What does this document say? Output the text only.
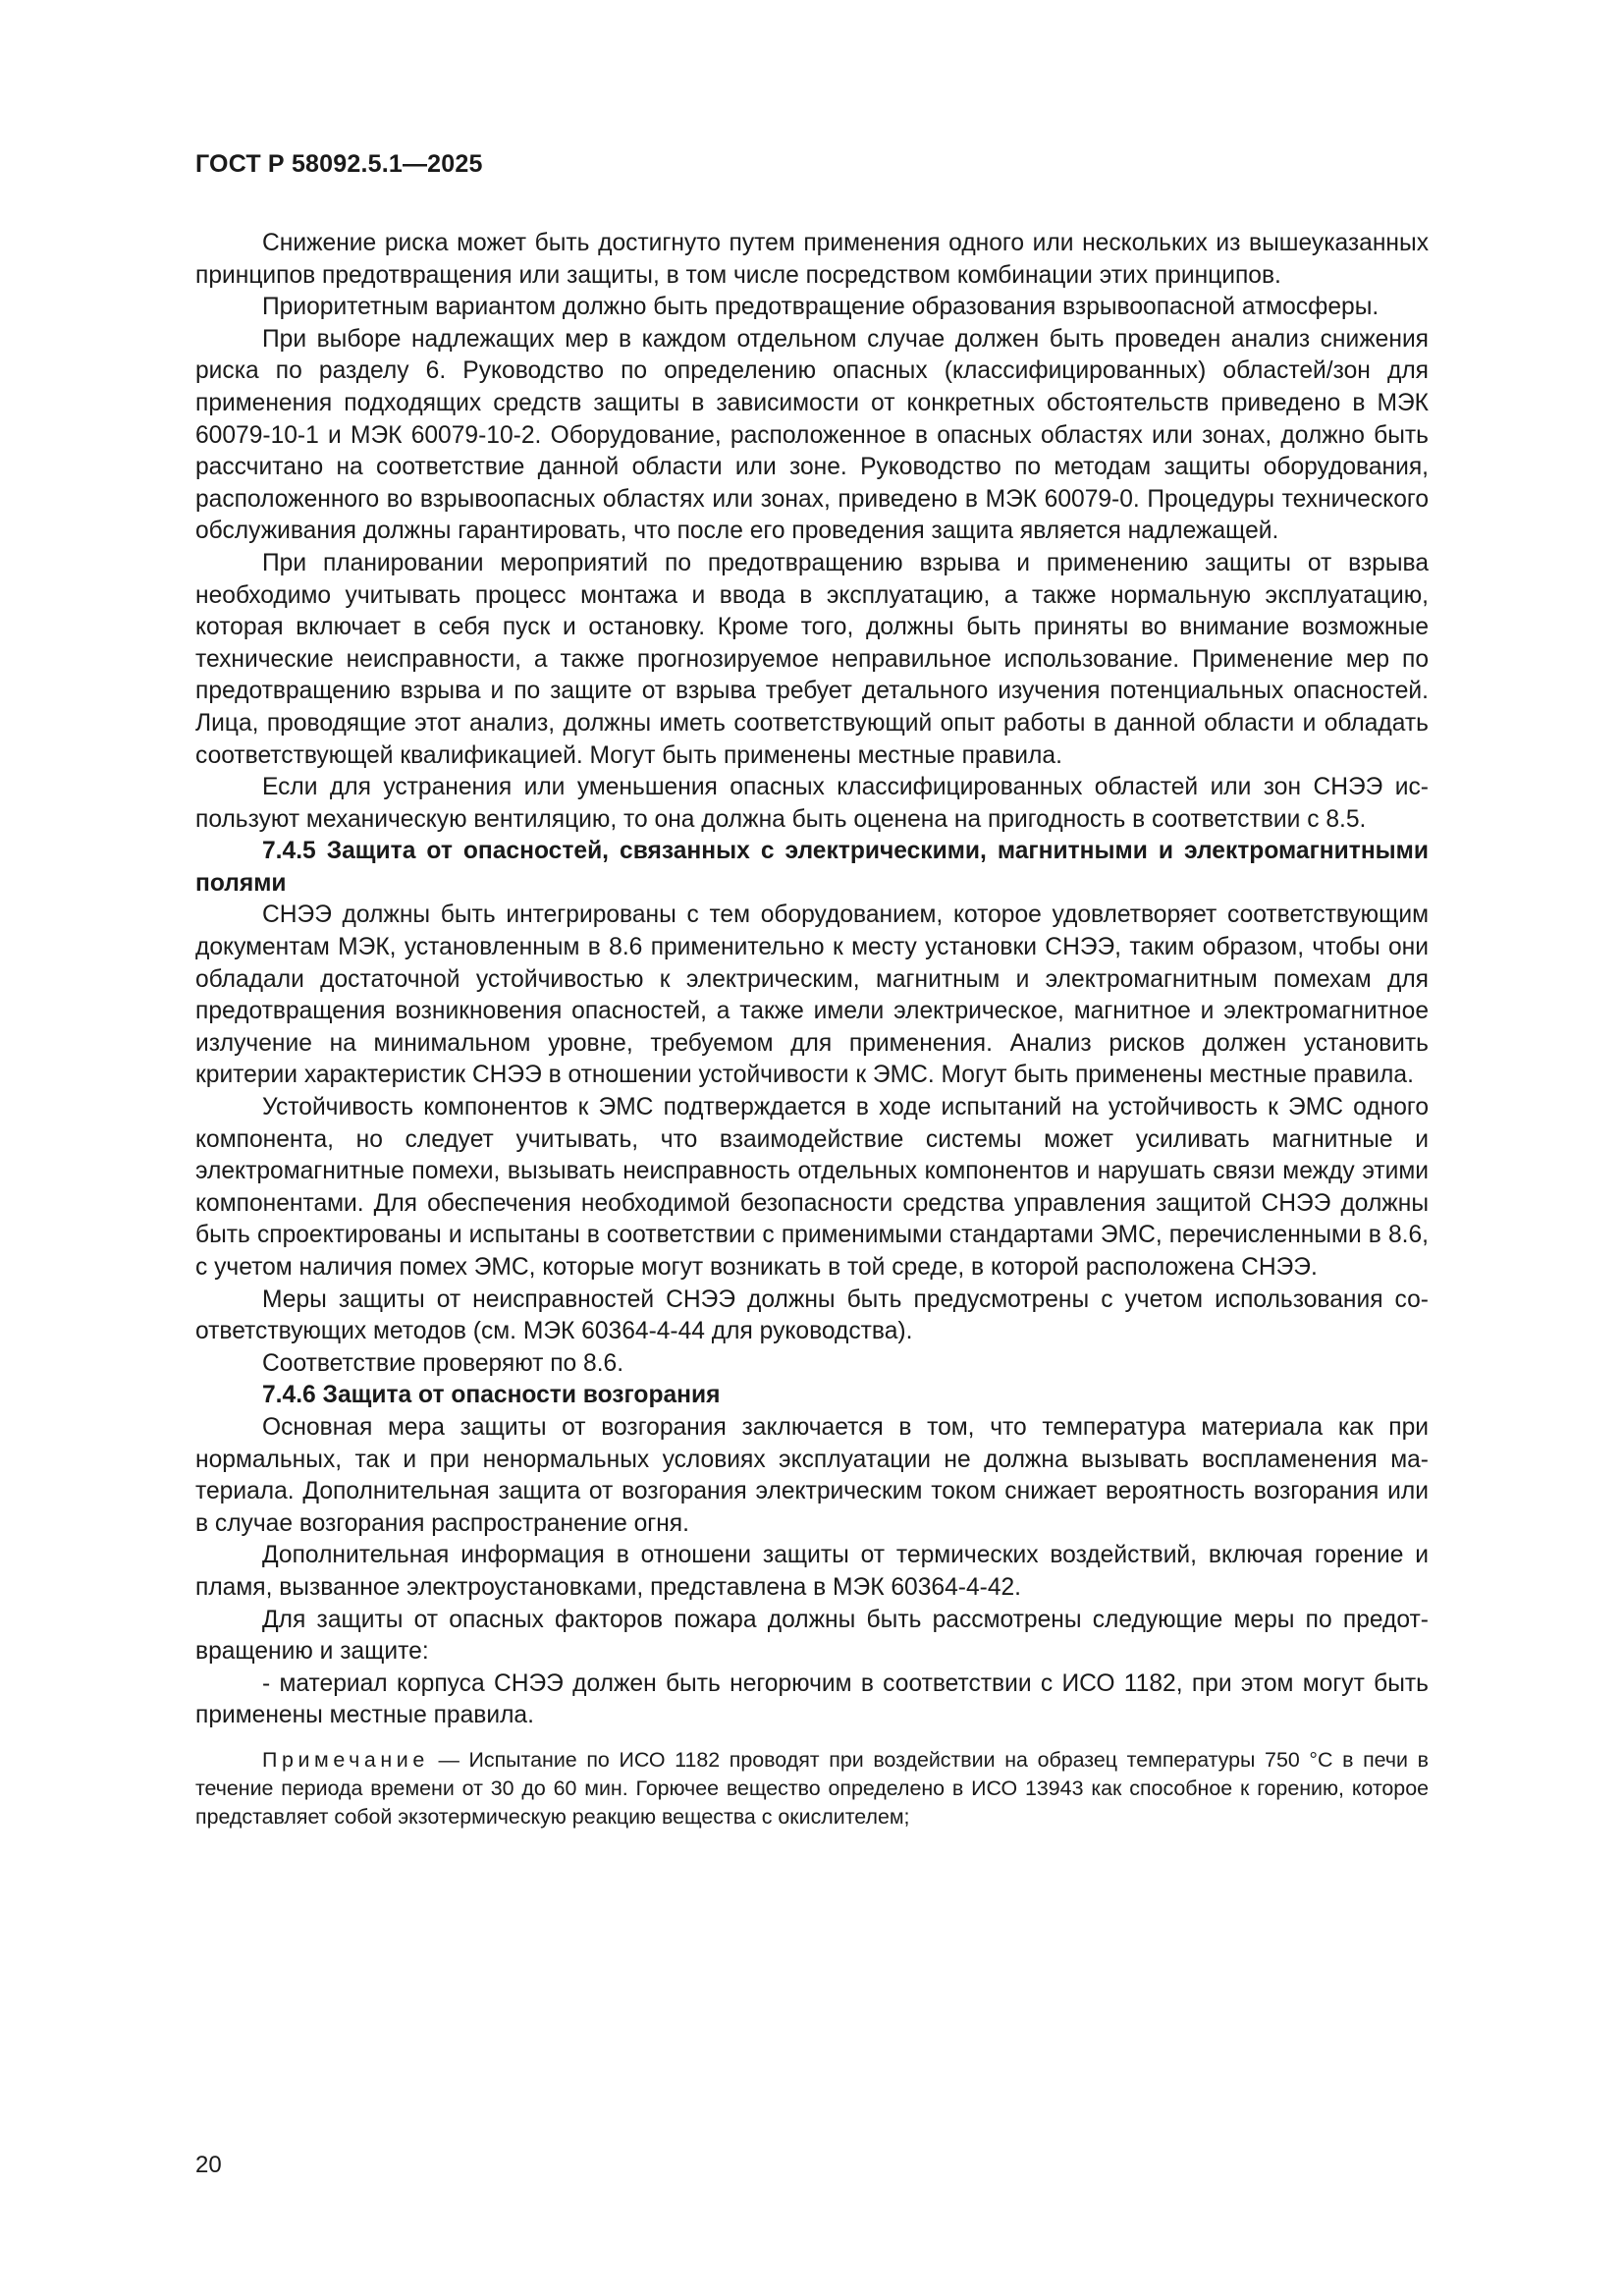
ГОСТ Р 58092.5.1—2025

Снижение риска может быть достигнуто путем применения одного или нескольких из вышеуказанных принципов предотвращения или защиты, в том числе посредством комбинации этих принципов.

Приоритетным вариантом должно быть предотвращение образования взрывоопасной атмосферы.

При выборе надлежащих мер в каждом отдельном случае должен быть проведен анализ снижения риска по разделу 6. Руководство по определению опасных (классифицированных) областей/зон для применения подходящих средств защиты в зависимости от конкретных обстоятельств приведено в МЭК 60079-10-1 и МЭК 60079-10-2. Оборудование, расположенное в опасных областях или зонах, должно быть рассчитано на соответствие данной области или зоне. Руководство по методам защиты оборудования, расположенного во взрывоопасных областях или зонах, приведено в МЭК 60079-0. Процедуры технического обслуживания должны гарантировать, что после его проведения защита является надлежащей.

При планировании мероприятий по предотвращению взрыва и применению защиты от взрыва необходимо учитывать процесс монтажа и ввода в эксплуатацию, а также нормальную эксплуатацию, которая включает в себя пуск и остановку. Кроме того, должны быть приняты во внимание возможные технические неисправности, а также прогнозируемое неправильное использование. Применение мер по предотвращению взрыва и по защите от взрыва требует детального изучения потенциальных опасностей. Лица, проводящие этот анализ, должны иметь соответствующий опыт работы в данной области и обладать соответствующей квалификацией. Могут быть применены местные правила.

Если для устранения или уменьшения опасных классифицированных областей или зон СНЭЭ используют механическую вентиляцию, то она должна быть оценена на пригодность в соответствии с 8.5.

7.4.5 Защита от опасностей, связанных с электрическими, магнитными и электромагнитными полями

СНЭЭ должны быть интегрированы с тем оборудованием, которое удовлетворяет соответствующим документам МЭК, установленным в 8.6 применительно к месту установки СНЭЭ, таким образом, чтобы они обладали достаточной устойчивостью к электрическим, магнитным и электромагнитным помехам для предотвращения возникновения опасностей, а также имели электрическое, магнитное и электромагнитное излучение на минимальном уровне, требуемом для применения. Анализ рисков должен установить критерии характеристик СНЭЭ в отношении устойчивости к ЭМС. Могут быть применены местные правила.

Устойчивость компонентов к ЭМС подтверждается в ходе испытаний на устойчивость к ЭМС одного компонента, но следует учитывать, что взаимодействие системы может усиливать магнитные и электромагнитные помехи, вызывать неисправность отдельных компонентов и нарушать связи между этими компонентами. Для обеспечения необходимой безопасности средства управления защитой СНЭЭ должны быть спроектированы и испытаны в соответствии с применимыми стандартами ЭМС, перечисленными в 8.6, с учетом наличия помех ЭМС, которые могут возникать в той среде, в которой расположена СНЭЭ.

Меры защиты от неисправностей СНЭЭ должны быть предусмотрены с учетом использования соответствующих методов (см. МЭК 60364-4-44 для руководства).

Соответствие проверяют по 8.6.

7.4.6 Защита от опасности возгорания

Основная мера защиты от возгорания заключается в том, что температура материала как при нормальных, так и при ненормальных условиях эксплуатации не должна вызывать воспламенения материала. Дополнительная защита от возгорания электрическим током снижает вероятность возгорания или в случае возгорания распространение огня.

Дополнительная информация в отношени защиты от термических воздействий, включая горение и пламя, вызванное электроустановками, представлена в МЭК 60364-4-42.

Для защиты от опасных факторов пожара должны быть рассмотрены следующие меры по предотвращению и защите:

- материал корпуса СНЭЭ должен быть негорючим в соответствии с ИСО 1182, при этом могут быть применены местные правила.

Примечание — Испытание по ИСО 1182 проводят при воздействии на образец температуры 750 °С в печи в течение периода времени от 30 до 60 мин. Горючее вещество определено в ИСО 13943 как способное к горению, которое представляет собой экзотермическую реакцию вещества с окислителем;

20
